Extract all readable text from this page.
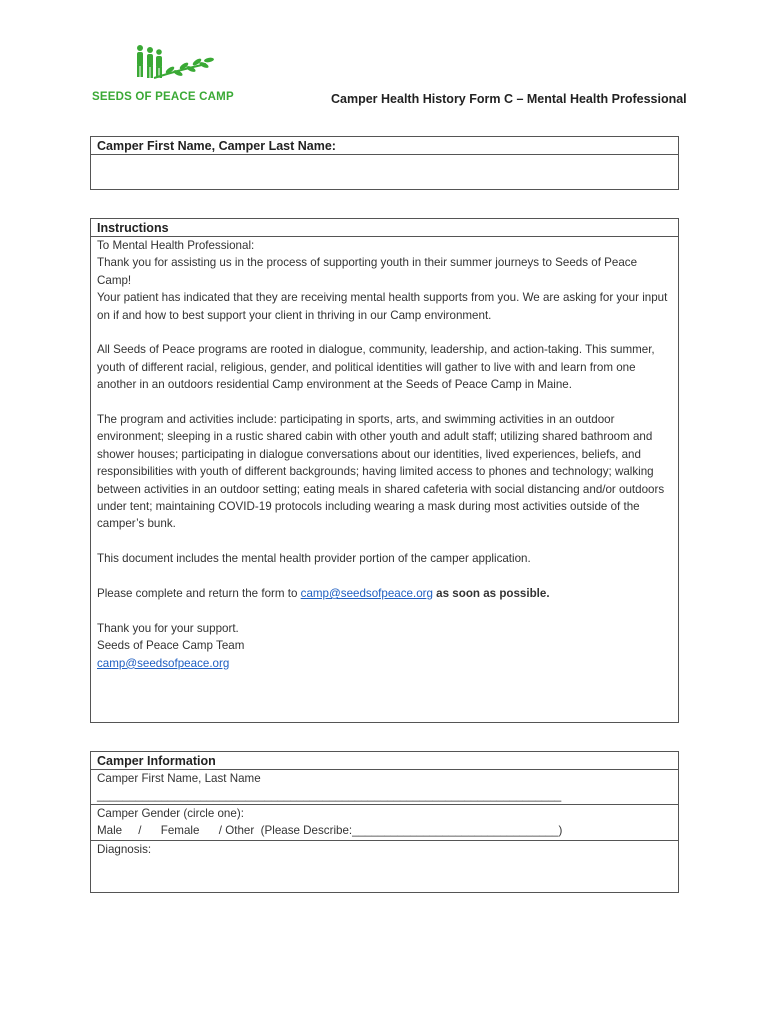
SEEDS OF PEACE CAMP	Camper Health History Form C – Mental Health Professional
Camper First Name, Camper Last Name:
Instructions

To Mental Health Professional:

Thank you for assisting us in the process of supporting youth in their summer journeys to Seeds of Peace Camp!

Your patient has indicated that they are receiving mental health supports from you. We are asking for your input on if and how to best support your client in thriving in our Camp environment.

All Seeds of Peace programs are rooted in dialogue, community, leadership, and action-taking. This summer, youth of different racial, religious, gender, and political identities will gather to live with and learn from one another in an outdoors residential Camp environment at the Seeds of Peace Camp in Maine.

The program and activities include: participating in sports, arts, and swimming activities in an outdoor environment; sleeping in a rustic shared cabin with other youth and adult staff; utilizing shared bathroom and shower houses; participating in dialogue conversations about our identities, lived experiences, beliefs, and responsibilities with youth of different backgrounds; having limited access to phones and technology; walking between activities in an outdoor setting; eating meals in shared cafeteria with social distancing and/or outdoors under tent; maintaining COVID-19 protocols including wearing a mask during most activities outside of the camper’s bunk.

This document includes the mental health provider portion of the camper application.

Please complete and return the form to camp@seedsofpeace.org as soon as possible.

Thank you for your support.

Seeds of Peace Camp Team

camp@seedsofpeace.org

Camper Information
Camper First Name, Last Name
________________________________________________________________________
Camper Gender (circle one):
Male     /      Female      / Other  (Please Describe:________________________________)
Diagnosis:
